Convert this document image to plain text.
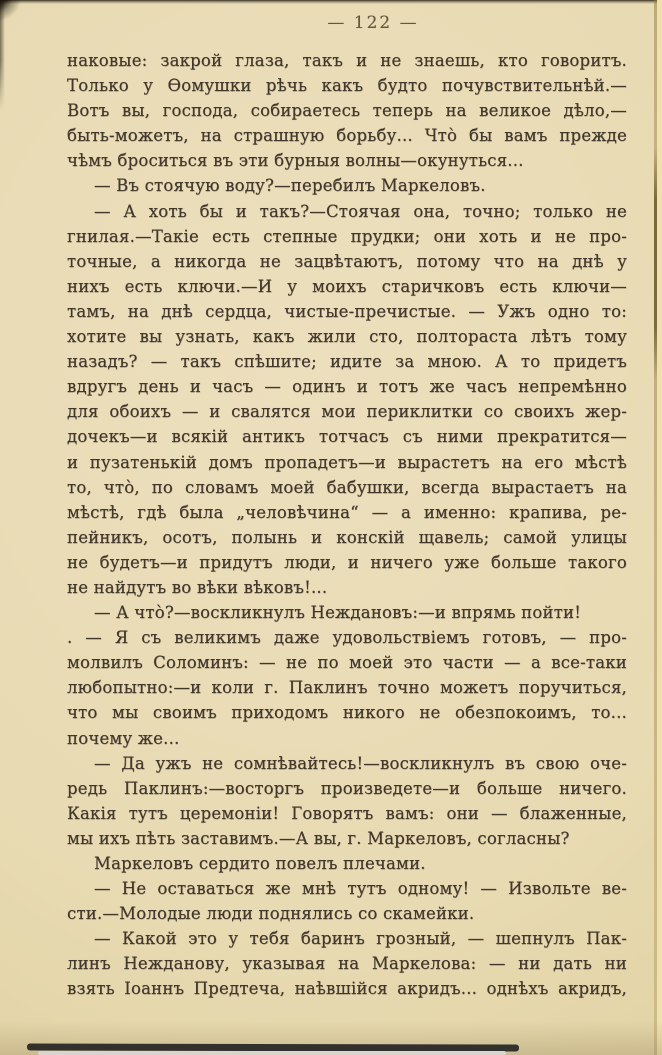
— 122 —
наковые: закрой глаза, такъ и не знаешь, кто говоритъ.
Только у Ѳомушки рѣчь какъ будто почувствительнѣй.—
Вотъ вы, господа, собираетесь теперь на великое дѣло,—
быть-можетъ, на страшную борьбу... Что̀ бы вамъ прежде
чѣмъ броситься въ эти бурныя волны—окунуться...
— Въ стоячую воду?—перебилъ Маркеловъ.
— А хоть бы и такъ?—Стоячая она, точно; только не
гнилая.—Такіе есть степные прудки; они хоть и не про-
точные, а никогда не зацвѣтаютъ, потому что на днѣ у
нихъ есть ключи.—И у моихъ старичковъ есть ключи—
тамъ, на днѣ сердца, чистые-пречистые. — Ужъ одно то:
хотите вы узнать, какъ жили сто, полтораста лѣтъ тому
назадъ? — такъ спѣшите; идите за мною. А то придетъ
вдругъ день и часъ — одинъ и тотъ же часъ непремѣнно
для обоихъ — и свалятся мои периклитки со своихъ жер-
дочекъ—и всякій антикъ тотчасъ съ ними прекратится—
и пузатенькій домъ пропадетъ—и вырастетъ на его мѣстѣ
то, что̀, по словамъ моей бабушки, всегда вырастаетъ на
мѣстѣ, гдѣ была „человѣчина“ — а именно: крапива, ре-
пейникъ, осотъ, полынь и конскій щавель; самой улицы
не будетъ—и придутъ люди, и ничего уже больше такого
не найдутъ во вѣки вѣковъ!...
— А что̀?—воскликнулъ Неждановъ:—и впрямь пойти!
. — Я съ великимъ даже удовольствіемъ готовъ, — про-
молвилъ Соломинъ: — не по моей это части — а все-таки
любопытно:—и коли г. Паклинъ точно можетъ поручиться,
что мы своимъ приходомъ никого не обезпокоимъ, то...
почему же...
— Да ужъ не сомнѣвайтесь!—воскликнулъ въ свою оче-
редь Паклинъ:—восторгъ произведете—и больше ничего.
Какія тутъ церемоніи! Говорятъ вамъ: они — блаженные,
мы ихъ пѣть заставимъ.—А вы, г. Маркеловъ, согласны?
Маркеловъ сердито повелъ плечами.
— Не оставаться же мнѣ тутъ одному! — Извольте ве-
сти.—Молодые люди поднялись со скамейки.
— Какой это у тебя баринъ грозный, — шепнулъ Пак-
линъ Нежданову, указывая на Маркелова: — ни дать ни
взять Іоаннъ Предтеча, наѣвшійся акридъ... однѣхъ акридъ,
